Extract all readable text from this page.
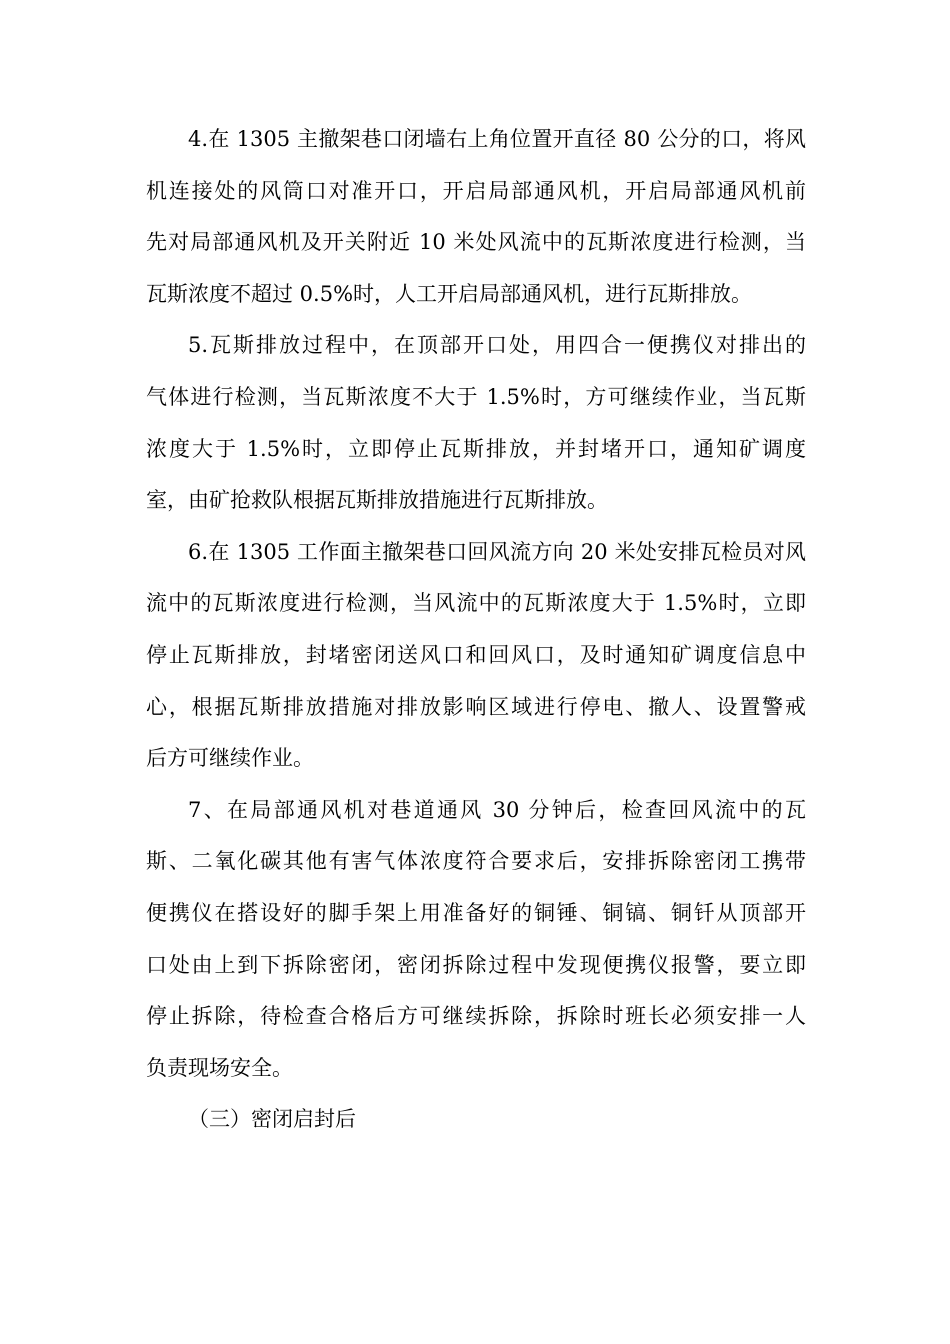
4.在 1305 主撤架巷口闭墙右上角位置开直径 80 公分的口，将风
机连接处的风筒口对准开口，开启局部通风机，开启局部通风机前
先对局部通风机及开关附近 10 米处风流中的瓦斯浓度进行检测，当
瓦斯浓度不超过 0.5%时，人工开启局部通风机，进行瓦斯排放。
5.瓦斯排放过程中，在顶部开口处，用四合一便携仪对排出的
气体进行检测，当瓦斯浓度不大于 1.5%时，方可继续作业，当瓦斯
浓度大于 1.5%时，立即停止瓦斯排放，并封堵开口，通知矿调度
室，由矿抢救队根据瓦斯排放措施进行瓦斯排放。
6.在 1305 工作面主撤架巷口回风流方向 20 米处安排瓦检员对风
流中的瓦斯浓度进行检测，当风流中的瓦斯浓度大于 1.5%时，立即
停止瓦斯排放，封堵密闭送风口和回风口，及时通知矿调度信息中
心，根据瓦斯排放措施对排放影响区域进行停电、撤人、设置警戒
后方可继续作业。
7、在局部通风机对巷道通风 30 分钟后，检查回风流中的瓦
斯、二氧化碳其他有害气体浓度符合要求后，安排拆除密闭工携带
便携仪在搭设好的脚手架上用准备好的铜锤、铜镐、铜钎从顶部开
口处由上到下拆除密闭，密闭拆除过程中发现便携仪报警，要立即
停止拆除，待检查合格后方可继续拆除，拆除时班长必须安排一人
负责现场安全。
（三）密闭启封后
